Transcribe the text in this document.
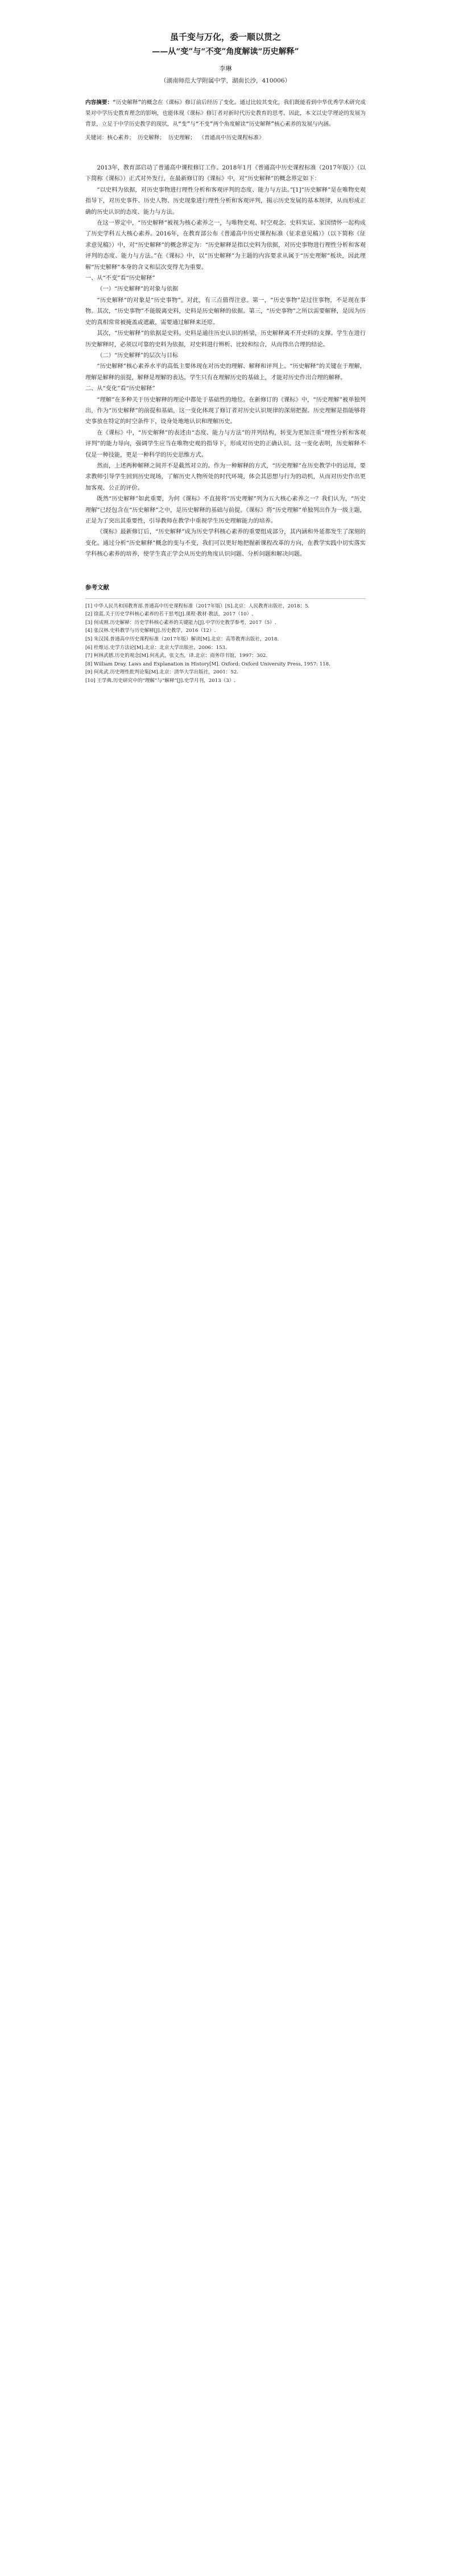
虽千变与万化，委一顺以贯之
——从“变”与“不变”角度解读“历史解释”
李琳
（湖南师范大学附属中学，湖南长沙，410006）
内容摘要：“历史解释”的概念在《课标》修订前后经历了变化。通过比较其变化，我们既能看到中华优秀学术研究成果对中学历史教育理念的影响，也能体现《课标》修订者对新时代历史教育的思考。因此，本文以史学理论的发展为背景，立足于中学历史教学的现状，从“变”与“不变”两个角度解读“历史解释”核心素养的发展与内涵。
关键词：核心素养； 历史解释； 历史理解； 《普通高中历史课程标准》

2013年，教育部启动了普通高中课程修订工作。2018年1月《普通高中历史课程标准（2017年版）》（以下简称《课标》）正式对外发行，在最新修订的《课标》中，对“历史解释”的概念界定如下：

“以史料为依据，对历史事物进行理性分析和客观评判的态度、能力与方法。”[1]“历史解释”是在唯物史观指导下，对历史事件、历史人物、历史现象进行理性分析和客观评判，揭示历史发展的基本规律，从而形成正确的历史认识的态度、能力与方法。

在这一界定中，“历史解释”被视为核心素养之一，与唯物史观、时空观念、史料实证、家国情怀一起构成了历史学科五大核心素养。2016年，在教育部公布《普通高中历史课程标准（征求意见稿）》（以下简称《征求意见稿》）中，对“历史解释”的概念界定为：“历史解释是指以史料为依据，对历史事物进行理性分析和客观评判的态度、能力与方法。”在《课标》中，以“历史解释”为主题的内容要求从属于“历史理解”板块，因此理解“历史解释”本身的含义和层次变得尤为重要。

一、从“不变”看“历史解释”

（一）“历史解释”的对象与依据

“历史解释”的对象是“历史事物”。对此，有三点值得注意。第一，“历史事物”是过往事物，不是现在事物。其次，“历史事物”不能脱离史料，史料是历史解释的依据。第三，“历史事物”之所以需要解释，是因为历史的真相常常被掩盖或遮蔽，需要通过解释来还原。

其次，“历史解释”的依据是史料。史料是通往历史认识的桥梁，历史解释离不开史料的支撑。学生在进行历史解释时，必须以可靠的史料为依据，对史料进行辨析、比较和综合，从而得出合理的结论。

（二）“历史解释”的层次与目标

“历史解释”核心素养水平的高低主要体现在对历史的理解、解释和评判上。“历史解释”的关键在于理解，理解是解释的前提，解释是理解的表达。学生只有在理解历史的基础上，才能对历史作出合理的解释。

二、从“变化”看“历史解释”

“理解”在多种关于历史解释的理论中都处于基础性的地位。在新修订的《课标》中，“历史理解”被单独列出，作为“历史解释”的前提和基础，这一变化体现了修订者对历史认识规律的深刻把握。历史理解是指能够将史事放在特定的时空条件下，设身处地地认识和理解历史。

在《课标》中，“历史解释”的表述由“态度、能力与方法”的并列结构，转变为更加注重“理性分析和客观评判”的能力导向，强调学生应当在唯物史观的指导下，形成对历史的正确认识。这一变化表明，历史解释不仅是一种技能，更是一种科学的历史思维方式。

然而，上述两种解释之间并不是截然对立的。作为一种解释的方式，“历史理解”在历史教学中的运用，要求教师引导学生回到历史现场，了解历史人物所处的时代环境，体会其思想与行为的动机，从而对历史作出更加客观、公正的评价。

既然“历史解释”如此重要，为何《课标》不直接将“历史理解”列为五大核心素养之一？我们认为，“历史理解”已经包含在“历史解释”之中，是历史解释的基础与前提。《课标》将“历史理解”单独列出作为一级主题，正是为了突出其重要性，引导教师在教学中重视学生历史理解能力的培养。

《课标》最新修订后，“历史解释”成为历史学科核心素养的重要组成部分，其内涵和外延都发生了深刻的变化。通过分析“历史解释”概念的变与不变，我们可以更好地把握新课程改革的方向，在教学实践中切实落实学科核心素养的培养，使学生真正学会从历史的角度认识问题、分析问题和解决问题。

参考文献
[1] 中华人民共和国教育部.普通高中历史课程标准（2017年版）[S].北京：人民教育出版社，2018：5.
[2] 徐蓝.关于历史学科核心素养的若干思考[J].课程·教材·教法，2017（10）.
[3] 何成刚.历史解释：历史学科核心素养的关键能力[J].中学历史教学参考，2017（5）.
[4] 张汉林.史料教学与历史解释[J].历史教学，2016（12）.
[5] 朱汉国.普通高中历史课程标准（2017年版）解读[M].北京：高等教育出版社，2018.
[6] 杜维运.史学方法论[M].北京：北京大学出版社，2006：153.
[7] 柯林武德.历史的观念[M].何兆武，张文杰，译.北京：商务印书馆，1997：302.
[8] William Dray. Laws and Explanation in History[M]. Oxford: Oxford University Press, 1957: 118.
[9] 何兆武.历史理性批判论集[M].北京：清华大学出版社，2001：52.
[10] 王学典.历史研究中的“理解”与“解释”[J].史学月刊，2013（3）.
